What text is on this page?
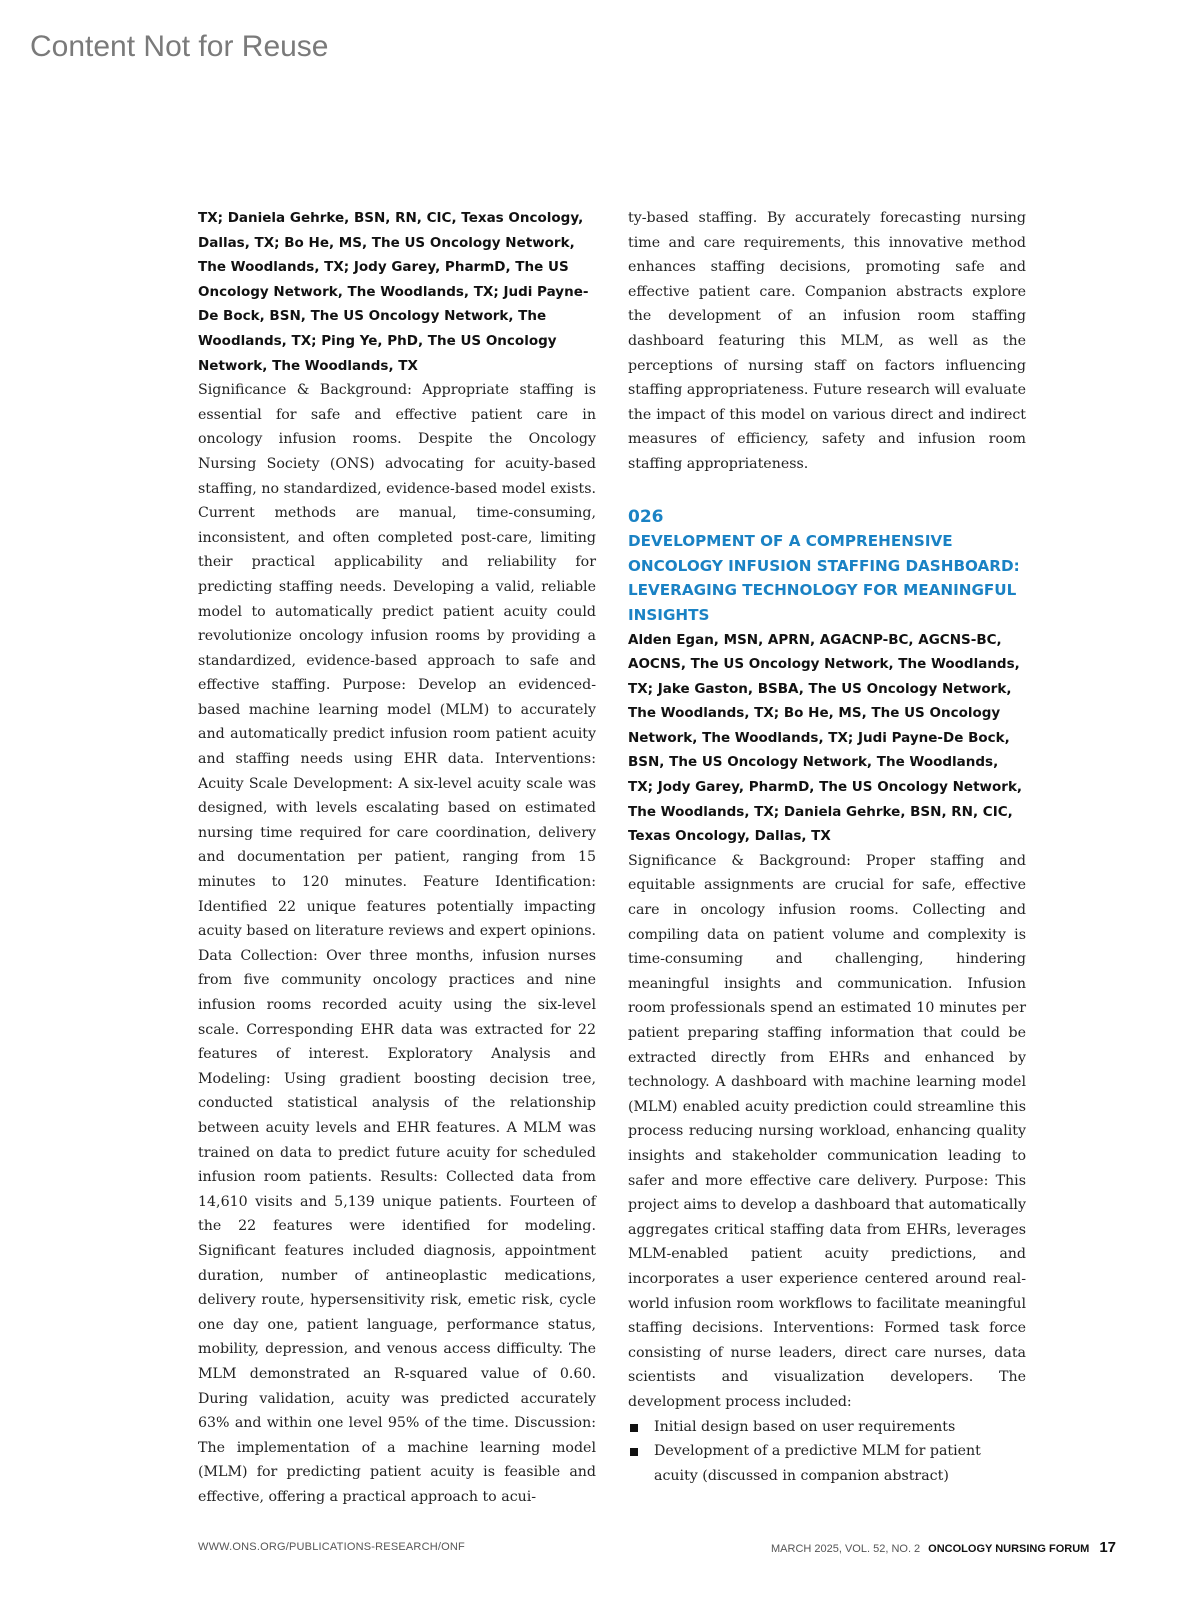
Content Not for Reuse

TX; Daniela Gehrke, BSN, RN, CIC, Texas Oncology, Dallas, TX; Bo He, MS, The US Oncology Network, The Woodlands, TX; Jody Garey, PharmD, The US Oncology Network, The Woodlands, TX; Judi Payne-De Bock, BSN, The US Oncology Network, The Woodlands, TX; Ping Ye, PhD, The US Oncology Network, The Woodlands, TX

Significance & Background: Appropriate staffing is essential for safe and effective patient care in oncology infusion rooms. Despite the Oncology Nursing Society (ONS) advocating for acuity-based staffing, no standardized, evidence-based model exists. Current methods are manual, time-consuming, inconsistent, and often completed post-care, limiting their practical applicability and reliability for predicting staffing needs. Developing a valid, reliable model to automatically predict patient acuity could revolutionize oncology infusion rooms by providing a standardized, evidence-based approach to safe and effective staffing. Purpose: Develop an evidenced-based machine learning model (MLM) to accurately and automatically predict infusion room patient acuity and staffing needs using EHR data. Interventions: Acuity Scale Development: A six-level acuity scale was designed, with levels escalating based on estimated nursing time required for care coordination, delivery and documentation per patient, ranging from 15 minutes to 120 minutes. Feature Identification: Identified 22 unique features potentially impacting acuity based on literature reviews and expert opinions. Data Collection: Over three months, infusion nurses from five community oncology practices and nine infusion rooms recorded acuity using the six-level scale. Corresponding EHR data was extracted for 22 features of interest. Exploratory Analysis and Modeling: Using gradient boosting decision tree, conducted statistical analysis of the relationship between acuity levels and EHR features. A MLM was trained on data to predict future acuity for scheduled infusion room patients. Results: Collected data from 14,610 visits and 5,139 unique patients. Fourteen of the 22 features were identified for modeling. Significant features included diagnosis, appointment duration, number of antineoplastic medications, delivery route, hypersensitivity risk, emetic risk, cycle one day one, patient language, performance status, mobility, depression, and venous access difficulty. The MLM demonstrated an R-squared value of 0.60. During validation, acuity was predicted accurately 63% and within one level 95% of the time. Discussion: The implementation of a machine learning model (MLM) for predicting patient acuity is feasible and effective, offering a practical approach to acui-

ty-based staffing. By accurately forecasting nursing time and care requirements, this innovative method enhances staffing decisions, promoting safe and effective patient care. Companion abstracts explore the development of an infusion room staffing dashboard featuring this MLM, as well as the perceptions of nursing staff on factors influencing staffing appropriateness. Future research will evaluate the impact of this model on various direct and indirect measures of efficiency, safety and infusion room staffing appropriateness.

026
DEVELOPMENT OF A COMPREHENSIVE ONCOLOGY INFUSION STAFFING DASHBOARD: LEVERAGING TECHNOLOGY FOR MEANINGFUL INSIGHTS

Alden Egan, MSN, APRN, AGACNP-BC, AGCNS-BC, AOCNS, The US Oncology Network, The Woodlands, TX; Jake Gaston, BSBA, The US Oncology Network, The Woodlands, TX; Bo He, MS, The US Oncology Network, The Woodlands, TX; Judi Payne-De Bock, BSN, The US Oncology Network, The Woodlands, TX; Jody Garey, PharmD, The US Oncology Network, The Woodlands, TX; Daniela Gehrke, BSN, RN, CIC, Texas Oncology, Dallas, TX

Significance & Background: Proper staffing and equitable assignments are crucial for safe, effective care in oncology infusion rooms. Collecting and compiling data on patient volume and complexity is time-consuming and challenging, hindering meaningful insights and communication. Infusion room professionals spend an estimated 10 minutes per patient preparing staffing information that could be extracted directly from EHRs and enhanced by technology. A dashboard with machine learning model (MLM) enabled acuity prediction could streamline this process reducing nursing workload, enhancing quality insights and stakeholder communication leading to safer and more effective care delivery. Purpose: This project aims to develop a dashboard that automatically aggregates critical staffing data from EHRs, leverages MLM-enabled patient acuity predictions, and incorporates a user experience centered around real-world infusion room workflows to facilitate meaningful staffing decisions. Interventions: Formed task force consisting of nurse leaders, direct care nurses, data scientists and visualization developers. The development process included:

Initial design based on user requirements
Development of a predictive MLM for patient acuity (discussed in companion abstract)
WWW.ONS.ORG/PUBLICATIONS-RESEARCH/ONF	MARCH 2025, VOL. 52, NO. 2 ONCOLOGY NURSING FORUM 17
